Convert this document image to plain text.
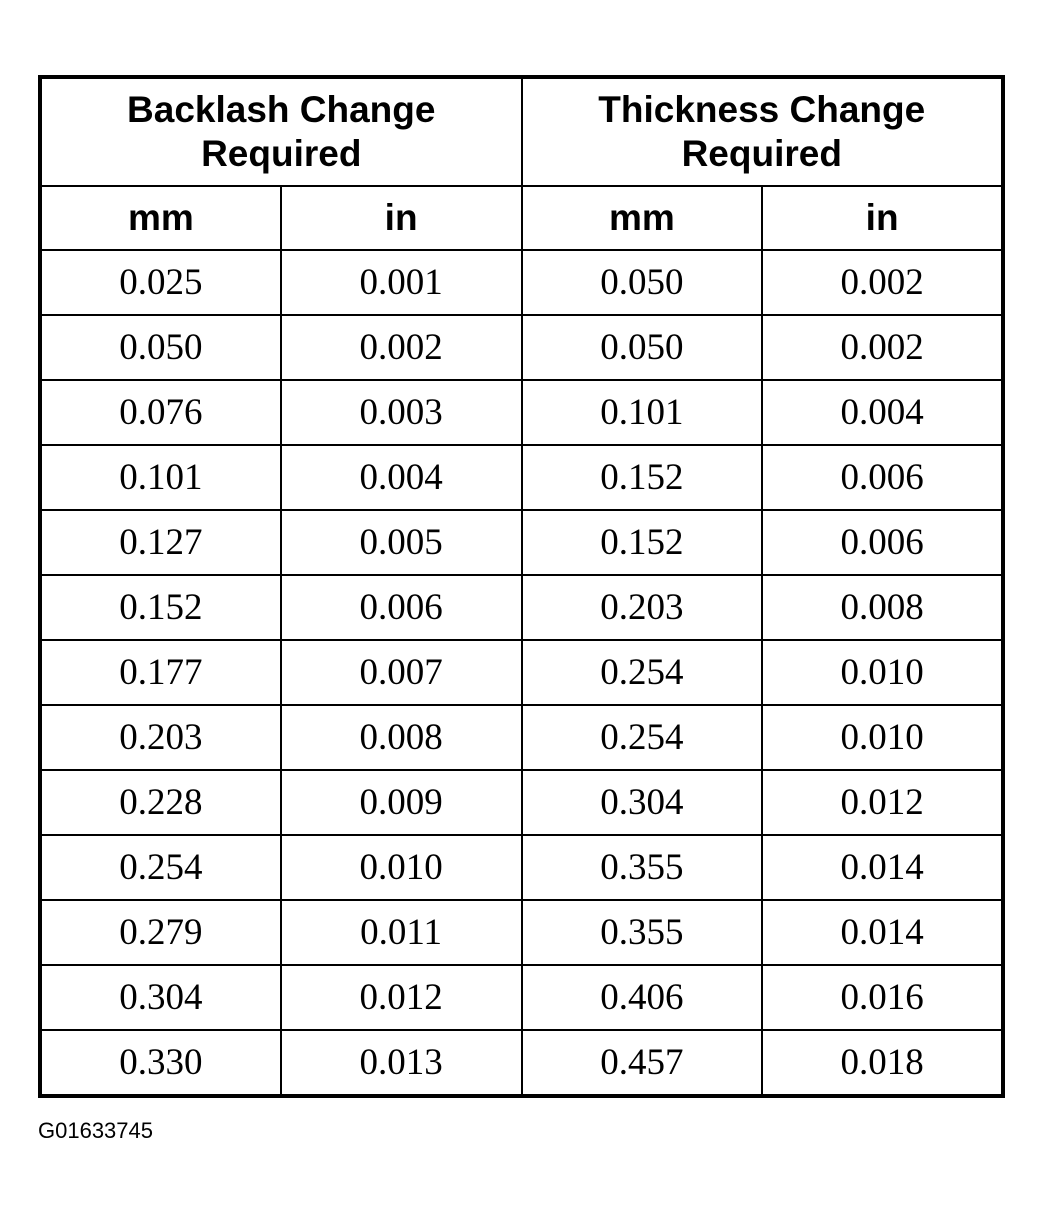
Backlash Change
Required		Thickness Change
Required	

mm	in	mm	in
0.025	0.001	0.050	0.002
0.050	0.002	0.050	0.002
0.076	0.003	0.101	0.004
0.101	0.004	0.152	0.006
0.127	0.005	0.152	0.006
0.152	0.006	0.203	0.008
0.177	0.007	0.254	0.010
0.203	0.008	0.254	0.010
0.228	0.009	0.304	0.012
0.254	0.010	0.355	0.014
0.279	0.011	0.355	0.014
0.304	0.012	0.406	0.016
0.330	0.013	0.457	0.018
G01633745
